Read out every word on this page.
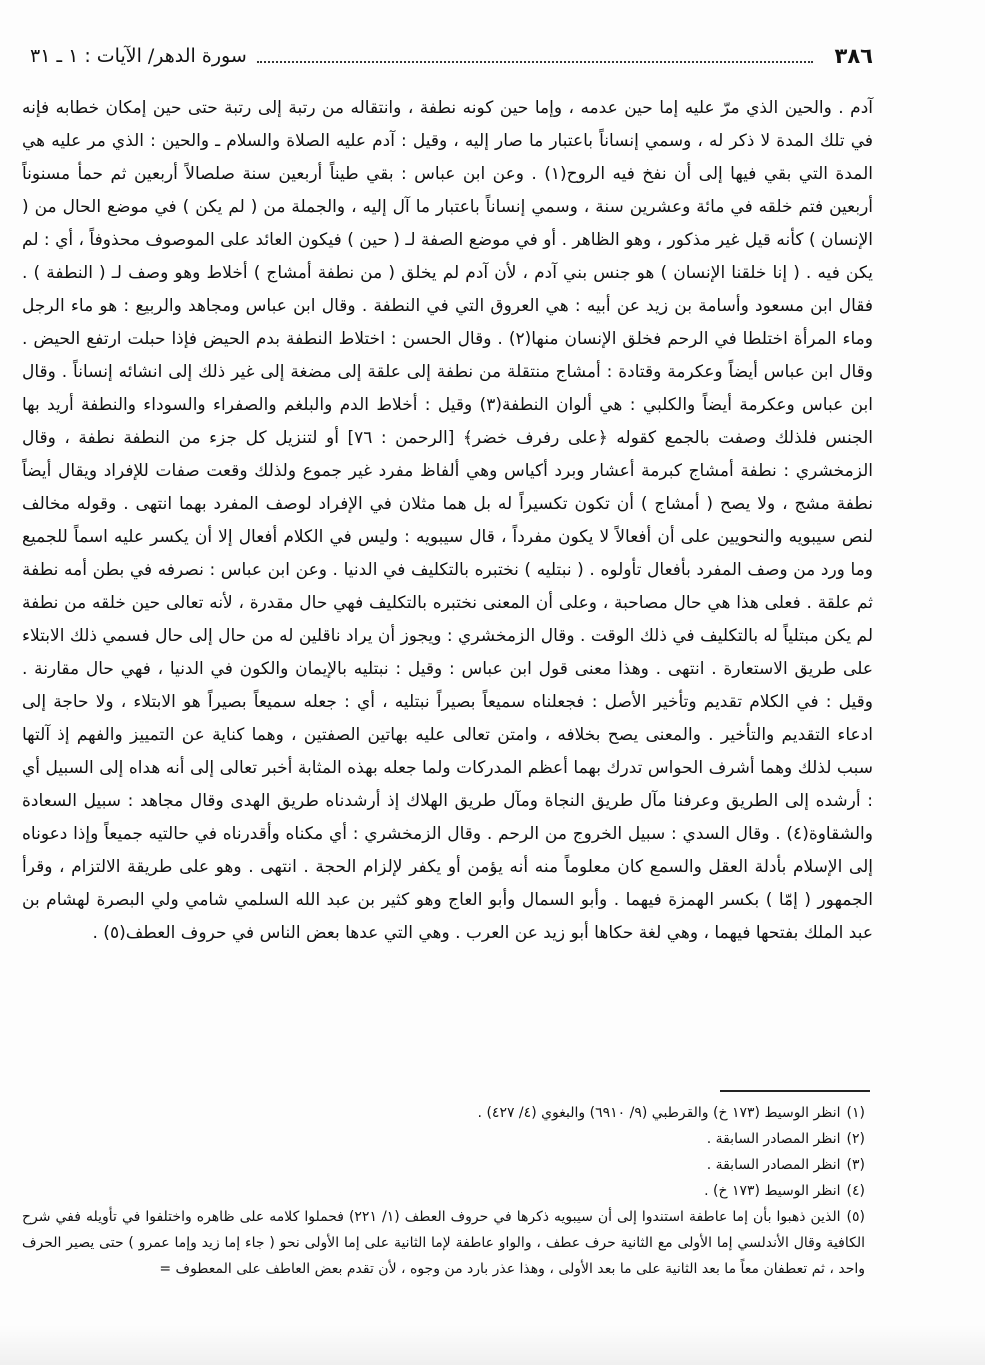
٣٨٦
سورة الدهر/ الآيات : ١ ـ ٣١

آدم . والحين الذي مرّ عليه إما حين عدمه ، وإما حين كونه نطفة ، وانتقاله من رتبة إلى رتبة حتى حين إمكان خطابه فإنه في تلك المدة لا ذكر له ، وسمي إنساناً باعتبار ما صار إليه ، وقيل : آدم عليه الصلاة والسلام ـ والحين : الذي مر عليه هي المدة التي بقي فيها إلى أن نفخ فيه الروح(١) . وعن ابن عباس : بقي طيناً أربعين سنة صلصالاً أربعين ثم حمأ مسنوناً أربعين فتم خلقه في مائة وعشرين سنة ، وسمي إنساناً باعتبار ما آل إليه ، والجملة من ( لم يكن ) في موضع الحال من ( الإنسان ) كأنه قيل غير مذكور ، وهو الظاهر . أو في موضع الصفة لـ ( حين ) فيكون العائد على الموصوف محذوفاً ، أي : لم يكن فيه . ( إنا خلقنا الإنسان ) هو جنس بني آدم ، لأن آدم لم يخلق ( من نطفة أمشاج ) أخلاط وهو وصف لـ ( النطفة ) . فقال ابن مسعود وأسامة بن زيد عن أبيه : هي العروق التي في النطفة . وقال ابن عباس ومجاهد والربيع : هو ماء الرجل وماء المرأة اختلطا في الرحم فخلق الإنسان منها(٢) . وقال الحسن : اختلاط النطفة بدم الحيض فإذا حبلت ارتفع الحيض . وقال ابن عباس أيضاً وعكرمة وقتادة : أمشاج منتقلة من نطفة إلى علقة إلى مضغة إلى غير ذلك إلى انشائه إنساناً . وقال ابن عباس وعكرمة أيضاً والكلبي : هي ألوان النطفة(٣) وقيل : أخلاط الدم والبلغم والصفراء والسوداء والنطفة أريد بها الجنس فلذلك وصفت بالجمع كقوله ﴿على رفرف خضر﴾ [الرحمن : ٧٦] أو لتنزيل كل جزء من النطفة نطفة ، وقال الزمخشري : نطفة أمشاج كبرمة أعشار وبرد أكياس وهي ألفاظ مفرد غير جموع ولذلك وقعت صفات للإفراد ويقال أيضاً نطفة مشج ، ولا يصح ( أمشاج ) أن تكون تكسيراً له بل هما مثلان في الإفراد لوصف المفرد بهما انتهى . وقوله مخالف لنص سيبويه والنحويين على أن أفعالاً لا يكون مفرداً ، قال سيبويه : وليس في الكلام أفعال إلا أن يكسر عليه اسماً للجميع وما ورد من وصف المفرد بأفعال تأولوه . ( نبتليه ) نختبره بالتكليف في الدنيا . وعن ابن عباس : نصرفه في بطن أمه نطفة ثم علقة . فعلى هذا هي حال مصاحبة ، وعلى أن المعنى نختبره بالتكليف فهي حال مقدرة ، لأنه تعالى حين خلقه من نطفة لم يكن مبتلياً له بالتكليف في ذلك الوقت . وقال الزمخشري : ويجوز أن يراد ناقلين له من حال إلى حال فسمي ذلك الابتلاء على طريق الاستعارة . انتهى . وهذا معنى قول ابن عباس : وقيل : نبتليه بالإيمان والكون في الدنيا ، فهي حال مقارنة . وقيل : في الكلام تقديم وتأخير الأصل : فجعلناه سميعاً بصيراً نبتليه ، أي : جعله سميعاً بصيراً هو الابتلاء ، ولا حاجة إلى ادعاء التقديم والتأخير . والمعنى يصح بخلافه ، وامتن تعالى عليه بهاتين الصفتين ، وهما كناية عن التمييز والفهم إذ آلتها سبب لذلك وهما أشرف الحواس تدرك بهما أعظم المدركات ولما جعله بهذه المثابة أخبر تعالى إلى أنه هداه إلى السبيل أي : أرشده إلى الطريق وعرفنا مآل طريق النجاة ومآل طريق الهلاك إذ أرشدناه طريق الهدى وقال مجاهد : سبيل السعادة والشقاوة(٤) . وقال السدي : سبيل الخروج من الرحم . وقال الزمخشري : أي مكناه وأقدرناه في حالتيه جميعاً وإذا دعوناه إلى الإسلام بأدلة العقل والسمع كان معلوماً منه أنه يؤمن أو يكفر لإلزام الحجة . انتهى . وهو على طريقة الالتزام ، وقرأ الجمهور ( إمّا ) بكسر الهمزة فيهما . وأبو السمال وأبو العاج وهو كثير بن عبد الله السلمي شامي ولي البصرة لهشام بن عبد الملك بفتحها فيهما ، وهي لغة حكاها أبو زيد عن العرب . وهي التي عدها بعض الناس في حروف العطف(٥) .

(١)انظر الوسيط (١٧٣ خ) والقرطبي (٩/ ٦٩١٠) والبغوي (٤/ ٤٢٧) .

(٢)انظر المصادر السابقة .

(٣)انظر المصادر السابقة .

(٤)انظر الوسيط (١٧٣ خ) .

(٥)الذين ذهبوا بأن إما عاطفة استندوا إلى أن سيبويه ذكرها في حروف العطف (١/ ٢٢١) فحملوا كلامه على ظاهره واختلفوا في تأويله ففي شرح الكافية وقال الأندلسي إما الأولى مع الثانية حرف عطف ، والواو عاطفة لإما الثانية على إما الأولى نحو ( جاء إما زيد وإما عمرو ) حتى يصير الحرف واحد ، ثم تعطفان معاً ما بعد الثانية على ما بعد الأولى ، وهذا عذر بارد من وجوه ، لأن تقدم بعض العاطف على المعطوف =
